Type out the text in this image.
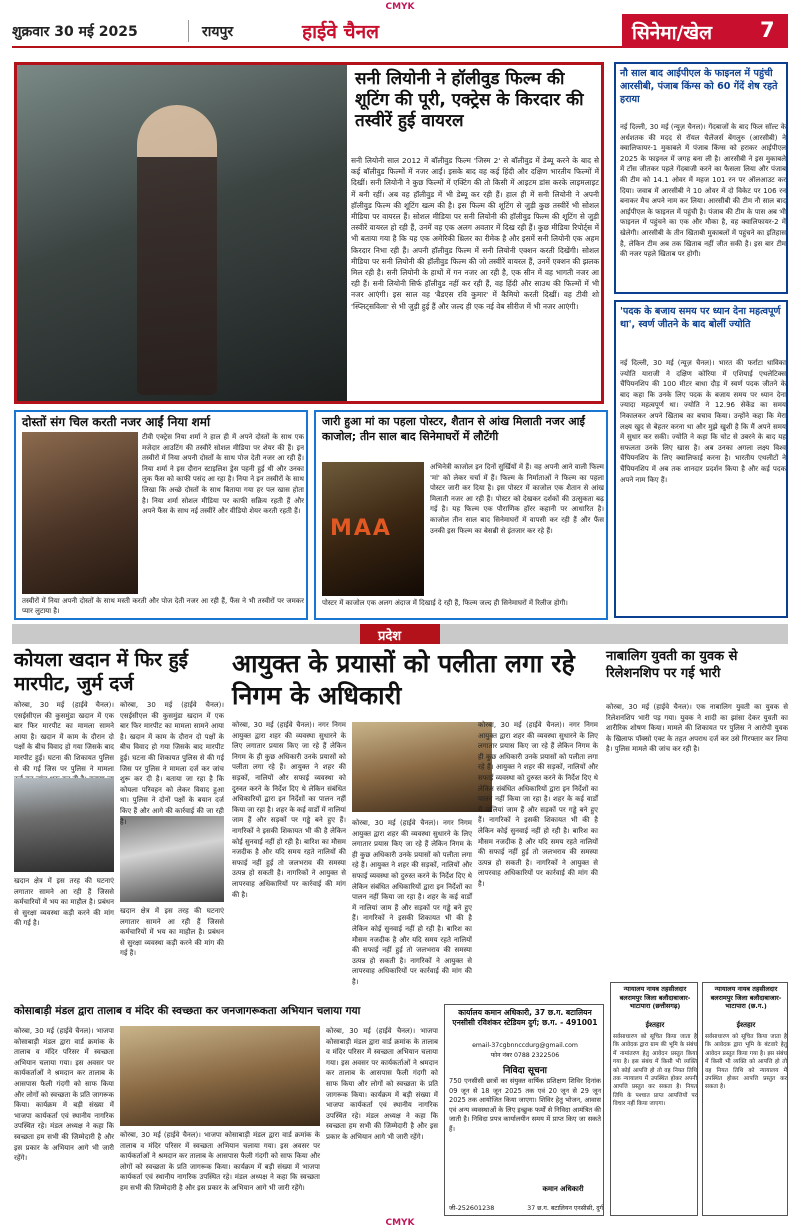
CMYK
शुक्रवार 30 मई 2025	रायपुर	हाईवे चैनल	सिनेमा/खेल 7
सनी लियोनी ने हॉलीवुड फिल्म की शूटिंग की पूरी, एक्ट्रेस के किरदार की तस्वीरें हुई वायरल
सनी लियोनी साल 2012 में बॉलीवुड फिल्म 'जिस्म 2' से बॉलीवुड में डेब्यू करने के बाद से कई बॉलीवुड फिल्मों में नजर आईं। इसके बाद वह कई हिंदी और दक्षिण भारतीय फिल्मों में दिखीं। सनी लियोनी ने कुछ फिल्मों में एक्टिंग की तो किसी में आइटम डांस करके लाइमलाइट में बनी रहीं। अब वह हॉलीवुड में भी डेब्यू कर रही हैं। हाल ही में सनी लियोनी ने अपनी हॉलीवुड फिल्म की शूटिंग खत्म की है। इस फिल्म की शूटिंग से जुड़ी कुछ तस्वीरें भी सोशल मीडिया पर वायरल हैं। सोशल मीडिया पर सनी लियोनी की हॉलीवुड फिल्म की शूटिंग से जुड़ी तस्वीरें वायरल हो रही हैं, उनमें वह एक अलग अवतार में दिख रही हैं। कुछ मीडिया रिपोर्ट्स में भी बताया गया है कि यह एक अमेरिकी थ्रिलर का रीमेक है और इसमें सनी लियोनी एक अहम किरदार निभा रही हैं। अपनी हॉलीवुड फिल्म में सनी लियोनी एक्शन करती दिखेंगी। सोशल मीडिया पर सनी लियोनी की हॉलीवुड फिल्म की जो तस्वीरें वायरल हैं, उनमें एक्शन की झलक मिल रही है। सनी लियोनी के हाथों में गन नजर आ रही है, एक सीन में वह भागती नजर आ रही हैं। सनी लियोनी सिर्फ हॉलीवुड नहीं कर रही हैं, वह हिंदी और साउथ की फिल्मों में भी नजर आएंगी। इस साल वह 'बैडएस रवि कुमार' में कैमियो करती दिखीं। वह टीवी शो 'स्प्लिट्सविला' से भी जुड़ी हुई हैं और जल्द ही एक नई वेब सीरीज में भी नजर आएंगी।
नौ साल बाद आईपीएल के फाइनल में पहुंची आरसीबी, पंजाब किंग्स को 60 गेंदें शेष रहते हराया
नई दिल्ली, 30 मई (न्यूज़ चैनल)। गेंदबाजों के बाद फिल सॉल्ट के अर्धशतक की मदद से रॉयल चैलेंजर्स बेंगलुरु (आरसीबी) ने क्वालिफायर-1 मुकाबले में पंजाब किंग्स को हराकर आईपीएल 2025 के फाइनल में जगह बना ली है। आरसीबी ने इस मुकाबले में टॉस जीतकर पहले गेंदबाजी करने का फैसला लिया और पंजाब की टीम को 14.1 ओवर में महज 101 रन पर ऑलआउट कर दिया। जवाब में आरसीबी ने 10 ओवर में दो विकेट पर 106 रन बनाकर मैच अपने नाम कर लिया। आरसीबी की टीम नौ साल बाद आईपीएल के फाइनल में पहुंची है। पंजाब की टीम के पास अब भी फाइनल में पहुंचने का एक और मौका है, वह क्वालिफायर-2 में खेलेगी। आरसीबी के तीन खिताबी मुकाबलों में पहुंचने का इतिहास है, लेकिन टीम अब तक खिताब नहीं जीत सकी है। इस बार टीम की नजर पहले खिताब पर होगी।
'पदक के बजाय समय पर ध्यान देना महत्वपूर्ण था', स्वर्ण जीतने के बाद बोलीं ज्योति
नई दिल्ली, 30 मई (न्यूज़ चैनल)। भारत की फर्राटा धाविका ज्योति याराजी ने दक्षिण कोरिया में एशियाई एथलेटिक्स चैंपियनशिप की 100 मीटर बाधा दौड़ में स्वर्ण पदक जीतने के बाद कहा कि उनके लिए पदक के बजाय समय पर ध्यान देना ज्यादा महत्वपूर्ण था। ज्योति ने 12.96 सेकेंड का समय निकालकर अपने खिताब का बचाव किया। उन्होंने कहा कि मेरा लक्ष्य खुद से बेहतर करना था और मुझे खुशी है कि मैं अपने समय में सुधार कर सकी। ज्योति ने कहा कि चोट से उबरने के बाद यह सफलता उनके लिए खास है। अब उनका अगला लक्ष्य विश्व चैंपियनशिप के लिए क्वालिफाई करना है। भारतीय एथलीटों ने चैंपियनशिप में अब तक शानदार प्रदर्शन किया है और कई पदक अपने नाम किए हैं।
दोस्तों संग चिल करती नजर आईं निया शर्मा
टीवी एक्ट्रेस निया शर्मा ने हाल ही में अपने दोस्तों के साथ एक मजेदार आउटिंग की तस्वीरें सोशल मीडिया पर शेयर की हैं। इन तस्वीरों में निया अपनी दोस्तों के साथ पोज देती नजर आ रही हैं। निया शर्मा ने इस दौरान स्टाइलिश ड्रेस पहनी हुई थी और उनका लुक फैंस को काफी पसंद आ रहा है। निया ने इन तस्वीरों के साथ लिखा कि अच्छे दोस्तों के साथ बिताया गया हर पल खास होता है। निया शर्मा सोशल मीडिया पर काफी सक्रिय रहती हैं और अपने फैंस के साथ नई तस्वीरें और वीडियो शेयर करती रहती हैं।
तस्वीरों में निया अपनी दोस्तों के साथ मस्ती करती और पोज देती नजर आ रही हैं, फैंस ने भी तस्वीरों पर जमकर प्यार लुटाया है।
जारी हुआ मां का पहला पोस्टर, शैतान से आंख मिलाती नजर आईं काजोल; तीन साल बाद सिनेमाघरों में लौटेंगी
MAA
अभिनेत्री काजोल इन दिनों सुर्खियों में हैं। वह अपनी आने वाली फिल्म 'मां' को लेकर चर्चा में हैं। फिल्म के निर्माताओं ने फिल्म का पहला पोस्टर जारी कर दिया है। इस पोस्टर में काजोल एक शैतान से आंख मिलाती नजर आ रही हैं। पोस्टर को देखकर दर्शकों की उत्सुकता बढ़ गई है। यह फिल्म एक पौराणिक हॉरर कहानी पर आधारित है। काजोल तीन साल बाद सिनेमाघरों में वापसी कर रही हैं और फैंस उनकी इस फिल्म का बेसब्री से इंतजार कर रहे हैं।
पोस्टर में काजोल एक अलग अंदाज में दिखाई दे रही हैं, फिल्म जल्द ही सिनेमाघरों में रिलीज होगी।
प्रदेश
कोयला खदान में फिर हुई मारपीट, जुर्म दर्ज
कोरबा, 30 मई (हाईवे चैनल)। एसईसीएल की कुसमुंडा खदान में एक बार फिर मारपीट का मामला सामने आया है। खदान में काम के दौरान दो पक्षों के बीच विवाद हो गया जिसके बाद मारपीट हुई। घटना की शिकायत पुलिस से की गई जिस पर पुलिस ने मामला
खदान क्षेत्र में इस तरह की घटनाएं लगातार सामने आ रही हैं जिससे कर्मचारियों में भय का माहौल है। प्रबंधन से सुरक्षा व्यवस्था कड़ी करने की मांग की गई है।
कोरबा, 30 मई (हाईवे चैनल)। एसईसीएल की कुसमुंडा खदान में एक बार फिर मारपीट का मामला सामने आया है। खदान में काम के दौरान दो पक्षों के बीच विवाद हो गया जिसके बाद मारपीट हुई। घटना की शिकायत पुलिस से की गई जिस पर पुलिस ने मामला दर्ज कर जांच शुरू कर दी है। बताया जा रहा है कि कोयला परिवहन को लेकर विवाद हुआ था। पुलिस ने दोनों पक्षों के बयान दर्ज किए हैं और आगे की कार्रवाई की जा रही है।
खदान क्षेत्र में इस तरह की घटनाएं लगातार सामने आ रही हैं जिससे कर्मचारियों में भय का माहौल है। प्रबंधन से सुरक्षा व्यवस्था कड़ी करने की मांग की गई है।
आयुक्त के प्रयासों को पलीता लगा रहे निगम के अधिकारी
कोरबा, 30 मई (हाईवे चैनल)। नगर निगम आयुक्त द्वारा शहर की व्यवस्था सुधारने के लिए लगातार प्रयास किए जा रहे हैं लेकिन निगम के ही कुछ अधिकारी उनके प्रयासों को पलीता लगा रहे हैं। आयुक्त ने शहर की सड़कों, नालियों और सफाई व्यवस्था को दुरुस्त करने के निर्देश दिए थे लेकिन संबंधित अधिकारियों द्वारा इन निर्देशों का पालन नहीं किया जा रहा है। शहर के कई वार्डों में नालियां जाम हैं और सड़कों पर गड्ढे बने हुए हैं। नागरिकों ने इसकी शिकायत भी की है लेकिन कोई सुनवाई नहीं हो रही है। बारिश का मौसम नजदीक है और यदि समय रहते नालियों की सफाई नहीं हुई तो जलभराव की समस्या उत्पन्न हो सकती है। नागरिकों ने आयुक्त से लापरवाह अधिकारियों पर कार्रवाई की मांग की है।
कोरबा, 30 मई (हाईवे चैनल)। नगर निगम आयुक्त द्वारा शहर की व्यवस्था सुधारने के लिए लगातार प्रयास किए जा रहे हैं लेकिन निगम के ही कुछ अधिकारी उनके प्रयासों को पलीता लगा रहे हैं। आयुक्त ने शहर की सड़कों, नालियों और सफाई व्यवस्था को दुरुस्त करने के निर्देश दिए थे लेकिन संबंधित अधिकारियों द्वारा इन निर्देशों का पालन नहीं किया जा रहा है। शहर के कई वार्डों में नालियां जाम हैं और सड़कों पर गड्ढे बने हुए हैं। नागरिकों ने इसकी शिकायत भी की है लेकिन कोई सुनवाई नहीं हो रही है। बारिश का मौसम नजदीक है और यदि समय रहते नालियों की सफाई नहीं हुई तो जलभराव की समस्या उत्पन्न हो सकती है। नागरिकों ने आयुक्त से लापरवाह अधिकारियों पर कार्रवाई की मांग की है।
कोरबा, 30 मई (हाईवे चैनल)। नगर निगम आयुक्त द्वारा शहर की व्यवस्था सुधारने के लिए लगातार प्रयास किए जा रहे हैं लेकिन निगम के ही कुछ अधिकारी उनके प्रयासों को पलीता लगा रहे हैं। आयुक्त ने शहर की सड़कों, नालियों और सफाई व्यवस्था को दुरुस्त करने के निर्देश दिए थे लेकिन संबंधित अधिकारियों द्वारा इन निर्देशों का पालन नहीं किया जा रहा है। शहर के कई वार्डों में नालियां जाम हैं और सड़कों पर गड्ढे बने हुए हैं। नागरिकों ने इसकी शिकायत भी की है लेकिन कोई सुनवाई नहीं हो रही है। बारिश का मौसम नजदीक है और यदि समय रहते नालियों की सफाई नहीं हुई तो जलभराव की समस्या उत्पन्न हो सकती है। नागरिकों ने आयुक्त से लापरवाह अधिकारियों पर कार्रवाई की मांग की है।
नाबालिग युवती का युवक से रिलेशनशिप पर गई भारी
कोरबा, 30 मई (हाईवे चैनल)। एक नाबालिग युवती का युवक से रिलेशनशिप भारी पड़ गया। युवक ने शादी का झांसा देकर युवती का शारीरिक शोषण किया। मामले की शिकायत पर पुलिस ने आरोपी युवक के खिलाफ पॉक्सो एक्ट के तहत अपराध दर्ज कर उसे गिरफ्तार कर लिया है। पुलिस मामले की जांच कर रही है।
कोसाबाड़ी मंडल द्वारा तालाब व मंदिर की स्वच्छता कर जनजागरूकता अभियान चलाया गया
कोरबा, 30 मई (हाईवे चैनल)। भाजपा कोसाबाड़ी मंडल द्वारा वार्ड क्रमांक के तालाब व मंदिर परिसर में स्वच्छता अभियान चलाया गया। इस अवसर पर कार्यकर्ताओं ने श्रमदान कर तालाब के आसपास फैली गंदगी को साफ किया और लोगों को स्वच्छता के प्रति जागरूक किया। कार्यक्रम में बड़ी संख्या में भाजपा कार्यकर्ता एवं स्थानीय नागरिक उपस्थित रहे। मंडल अध्यक्ष ने कहा कि स्वच्छता हम सभी की जिम्मेदारी है और इस प्रकार के अभियान आगे भी जारी रहेंगे।
कोरबा, 30 मई (हाईवे चैनल)। भाजपा कोसाबाड़ी मंडल द्वारा वार्ड क्रमांक के तालाब व मंदिर परिसर में स्वच्छता अभियान चलाया गया। इस अवसर पर कार्यकर्ताओं ने श्रमदान कर तालाब के आसपास फैली गंदगी को साफ किया और लोगों को स्वच्छता के प्रति जागरूक किया। कार्यक्रम में बड़ी संख्या में भाजपा कार्यकर्ता एवं स्थानीय नागरिक उपस्थित रहे। मंडल अध्यक्ष ने कहा कि स्वच्छता हम सभी की जिम्मेदारी है और इस प्रकार के अभियान आगे भी जारी रहेंगे।
कोरबा, 30 मई (हाईवे चैनल)। भाजपा कोसाबाड़ी मंडल द्वारा वार्ड क्रमांक के तालाब व मंदिर परिसर में स्वच्छता अभियान चलाया गया। इस अवसर पर कार्यकर्ताओं ने श्रमदान कर तालाब के आसपास फैली गंदगी को साफ किया और लोगों को स्वच्छता के प्रति जागरूक किया। कार्यक्रम में बड़ी संख्या में भाजपा कार्यकर्ता एवं स्थानीय नागरिक उपस्थित रहे। मंडल अध्यक्ष ने कहा कि स्वच्छता हम सभी की जिम्मेदारी है और इस प्रकार के अभियान आगे भी जारी रहेंगे।
कार्यालय कमान अधिकारी, 37 छ.ग. बटालियन एनसीसी रविशंकर स्टेडियम दुर्ग; छ.ग. - 491001
email-37cgbnnccdurg@gmail.com
फोन नंबर 0788 2322506
निविदा सूचना
750 एनसीसी छात्रों का संयुक्त वार्षिक प्रशिक्षण शिविर दिनांक 09 जून से 18 जून 2025 तक एवं 20 जून से 29 जून 2025 तक आयोजित किया जाएगा। शिविर हेतु भोजन, आवास एवं अन्य व्यवस्थाओं के लिए इच्छुक फर्मों से निविदा आमंत्रित की जाती है। निविदा प्रपत्र कार्यालयीन समय में प्राप्त किए जा सकते हैं।
कमान अधिकारी
जी-252601238	37 छ.ग. बटालियन एनसीसी, दुर्ग
न्यायालय नायब तहसीलदार बलरामपुर जिला बलौदाबाजार-भाटापारा (छत्तीसगढ़)
ईश्तहार
सर्वसाधारण को सूचित किया जाता है कि आवेदक द्वारा ग्राम की भूमि के संबंध में नामांतरण हेतु आवेदन प्रस्तुत किया गया है। इस संबंध में किसी भी व्यक्ति को कोई आपत्ति हो तो वह नियत तिथि तक न्यायालय में उपस्थित होकर अपनी आपत्ति प्रस्तुत कर सकता है। नियत तिथि के पश्चात प्राप्त आपत्तियों पर विचार नहीं किया जाएगा।
न्यायालय नायब तहसीलदार बलरामपुर जिला बलौदाबाजार-भाटापारा (छ.ग.)
ईश्तहार
सर्वसाधारण को सूचित किया जाता है कि आवेदक द्वारा भूमि के बंटवारे हेतु आवेदन प्रस्तुत किया गया है। इस संबंध में किसी भी व्यक्ति को आपत्ति हो तो वह नियत तिथि को न्यायालय में उपस्थित होकर आपत्ति प्रस्तुत कर सकता है।
CMYK
